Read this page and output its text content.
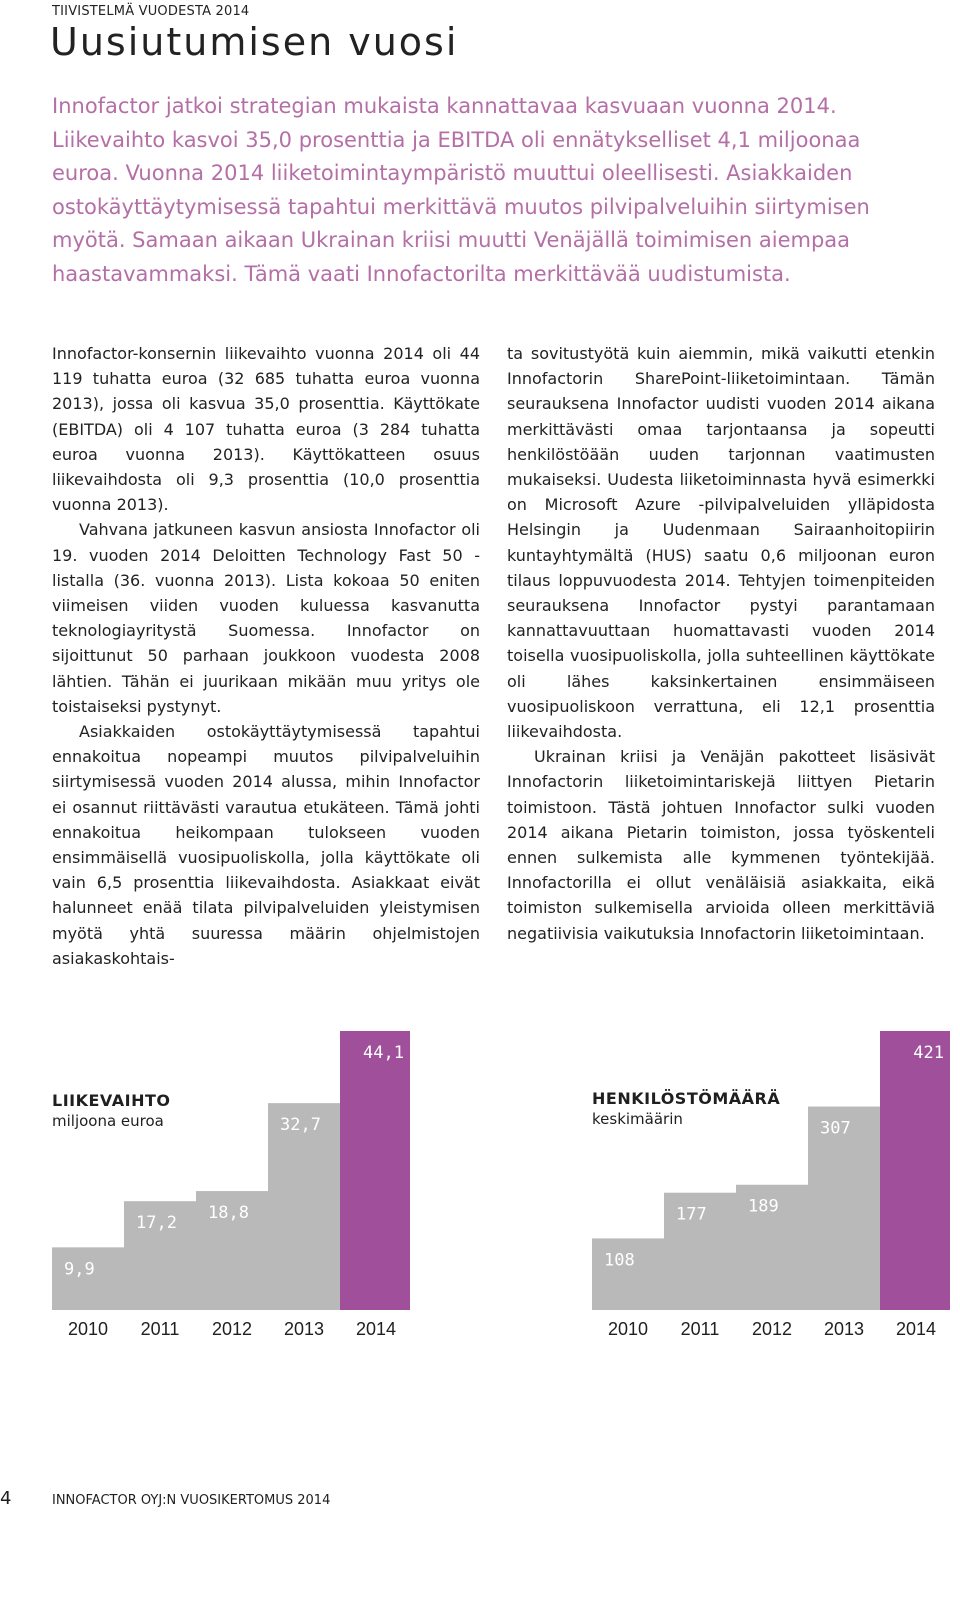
TIIVISTELMÄ VUODESTA 2014
Uusiutumisen vuosi

Innofactor jatkoi strategian mukaista kannattavaa kasvuaan vuonna 2014. Liikevaihto kasvoi 35,0 prosenttia ja EBITDA oli ennätykselliset 4,1 miljoonaa euroa. Vuonna 2014 liiketoimintaympäristö muuttui oleellisesti. Asiakkaiden ostokäyttäytymisessä tapahtui merkittävä muutos pilvipalveluihin siirtymisen myötä. Samaan aikaan Ukrainan kriisi muutti Venäjällä toimimisen aiempaa haastavammaksi. Tämä vaati Innofactorilta merkittävää uudistumista.

Innofactor-konsernin liikevaihto vuonna 2014 oli 44 119 tuhatta euroa (32 685 tuhatta euroa vuonna 2013), jossa oli kasvua 35,0 prosenttia. Käyttökate (EBITDA) oli 4 107 tuhatta euroa (3 284 tuhatta euroa vuonna 2013). Käyttökatteen osuus liikevaihdosta oli 9,3 prosenttia (10,0 prosenttia vuonna 2013).

Vahvana jatkuneen kasvun ansiosta Innofactor oli 19. vuoden 2014 Deloitten Technology Fast 50 -listalla (36. vuonna 2013). Lista kokoaa 50 eniten viimeisen viiden vuoden kuluessa kasvanutta teknologiayritystä Suomessa. Innofactor on sijoittunut 50 parhaan joukkoon vuodesta 2008 lähtien. Tähän ei juurikaan mikään muu yritys ole toistaiseksi pystynyt.

Asiakkaiden ostokäyttäytymisessä tapahtui ennakoitua nopeampi muutos pilvipalveluihin siirtymisessä vuoden 2014 alussa, mihin Innofactor ei osannut riittävästi varautua etukäteen. Tämä johti ennakoitua heikompaan tulokseen vuoden ensimmäisellä vuosipuoliskolla, jolla käyttökate oli vain 6,5 prosenttia liikevaihdosta. Asiakkaat eivät halunneet enää tilata pilvipalveluiden yleistymisen myötä yhtä suuressa määrin ohjelmistojen asiakaskohtais-

ta sovitustyötä kuin aiemmin, mikä vaikutti etenkin Innofactorin SharePoint-liiketoimintaan. Tämän seurauksena Innofactor uudisti vuoden 2014 aikana merkittävästi omaa tarjontaansa ja sopeutti henkilöstöään uuden tarjonnan vaatimusten mukaiseksi. Uudesta liiketoiminnasta hyvä esimerkki on Microsoft Azure -pilvipalveluiden ylläpidosta Helsingin ja Uudenmaan Sairaanhoitopiirin kuntayhtymältä (HUS) saatu 0,6 miljoonan euron tilaus loppuvuodesta 2014. Tehtyjen toimenpiteiden seurauksena Innofactor pystyi parantamaan kannattavuuttaan huomattavasti vuoden 2014 toisella vuosipuoliskolla, jolla suhteellinen käyttökate oli lähes kaksinkertainen ensimmäiseen vuosipuoliskoon verrattuna, eli 12,1 prosenttia liikevaihdosta.

Ukrainan kriisi ja Venäjän pakotteet lisäsivät Innofactorin liiketoimintariskejä liittyen Pietarin toimistoon. Tästä johtuen Innofactor sulki vuoden 2014 aikana Pietarin toimiston, jossa työskenteli ennen sulkemista alle kymmenen työntekijää. Innofactorilla ei ollut venäläisiä asiakkaita, eikä toimiston sulkemisella arvioida olleen merkittäviä negatiivisia vaikutuksia Innofactorin liiketoimintaan.

LIIKEVAIHTO
miljoona euroa
9,9
17,2
18,8
32,7
44,1
2010 2011 2012 2013 2014
HENKILÖSTÖMÄÄRÄ
keskimäärin
108
177 189
307
421
2010 2011 2012 2013 2014
4	INNOFACTOR OYJ:N VUOSIKERTOMUS 2014
